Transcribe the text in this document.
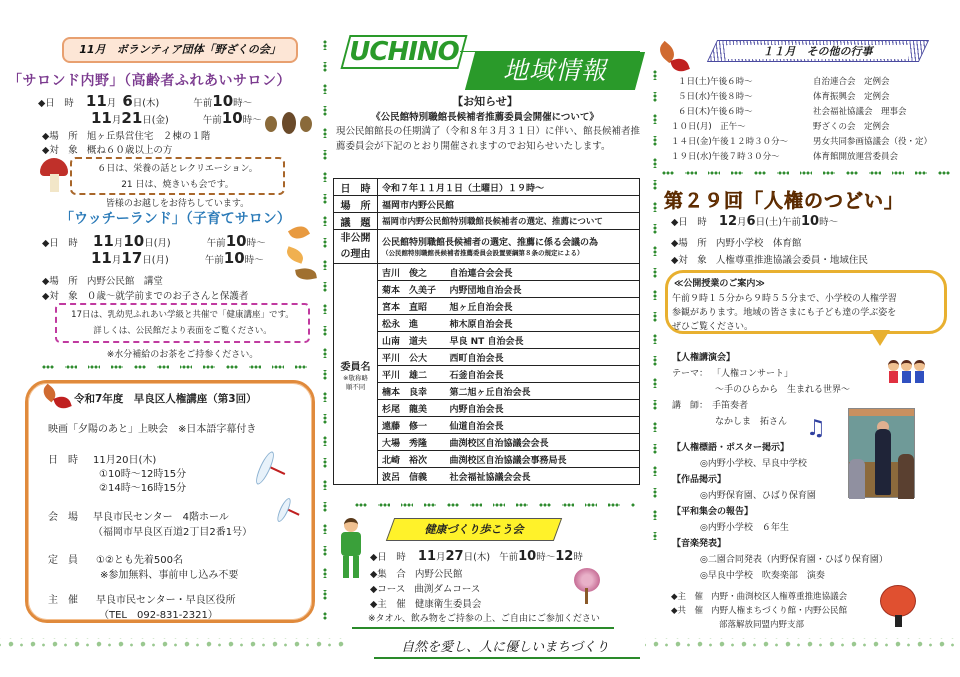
11月　ボランティア団体「野ざくの会」
「サロンド内野」（高齢者ふれあいサロン）
◆日　時 11月 6日(木)	午前10時～
11月21日(金)	午前10時～
◆場　所 旭ヶ丘県営住宅　２棟の１階
◆対　象 概ね６０歳以上の方
６日は、栄養の話とレクリエーション。
21 日は、焼きいも会です。
皆様のお越しをお待ちしています。
「ウッチーランド」（子育てサロン）
◆日　時 11月10日(月)	午前10時～
11月17日(月)	午前10時～
◆場　所 内野公民館　講堂
◆対　象 ０歳～就学前までのお子さんと保護者
17日は、乳幼児ふれあい学級と共催で「健康講座」です。
詳しくは、公民館だより表面をご覧ください。
※水分補給のお茶をご持参ください。
令和7年度　早良区人権講座（第3回）
映画「夕陽のあと」上映会　※日本語字幕付き
日　時 11月20日(木)
①10時～12時15分
②14時～16時15分
会　場 早良市民センター　4階ホール
（福岡市早良区百道2丁目2番1号）
定　員 ①②とも先着500名
※参加無料、事前申し込み不要
主　催 早良市民センター・早良区役所
（TEL　092-831-2321）
UCHINO
地域情報
【お知らせ】
《公民館特別職館長候補者推薦委員会開催について》
現公民館館長の任期満了（令和８年３月３１日）に伴い、館長候補者推薦委員会が下記のとおり開催されますのでお知らせいたします。
日　時	令和７年１１月１日（土曜日）１９時～	
場　所	福岡市内野公民館	
議　題	福岡市内野公民館特別職館長候補者の選定、推薦について	
非公開の理由	公民館特別職館長候補者の選定、推薦に係る会議の為
（公民館特別職館長候補者推薦委員会設置要綱第８条の規定による）	

委員名
※敬称略
順不同	吉川　俊之	自治連合会会長
	菊本　久美子	内野団地自治会長
	宮本　直昭	旭ヶ丘自治会長
	松永　進	柿木原自治会長
	山南　道夫	早良 NT 自治会長
	平川　公大	西町自治会長
	平川　雄二	石釜自治会長
	楠本　良幸	第二旭ヶ丘自治会長
	杉尾　龍美	内野自治会長
	遠藤　修一	仙道自治会長
	大場　秀隆	曲渕校区自治協議会会長
	北崎　裕次	曲渕校区自治協議会事務局長
	波呂　信義	社会福祉協議会会長
健康づくり歩こう会
◆日　時 11月27日(木) 午前10時～12時
◆集　合 内野公民館
◆コース 曲渕ダムコース
◆主　催 健康衛生委員会
※タオル、飲み物をご持参の上、ご自由にご参加ください
自然を愛し、人に優しいまちづくり
１１月　その他の行事
１日(土)午後６時～	自治連合会　定例会
５日(水)午後８時～	体育振興会　定例会
６日(木)午後６時～	社会福祉協議会　理事会
１０日(月)　正午～	野ざくの会　定例会
１４日(金)午後１２時３０分～	男女共同参画協議会（役・定）
１９日(水)午後７時３０分～	体育館開放運営委員会
第２９回「人権のつどい」
◆日　時 12月6日(土)午前10時～
◆場　所 内野小学校　体育館
◆対　象 人権尊重推進協議会委員・地域住民
≪公開授業のご案内≫
午前９時１５分から９時５５分まで、小学校の人権学習
参観があります。地域の皆さまにも子ども達の学ぶ姿を
ぜひご覧ください。
【人権講演会】
テーマ： 「人権コンサート」
～手のひらから　生まれる世界～
講　師： 手笛奏者
なかしま　拓さん ♫
【人権標語・ポスター掲示】
◎内野小学校、早良中学校
【作品掲示】
◎内野保育園、ひばり保育園
【平和集会の報告】
◎内野小学校　６年生
【音楽発表】
◎二園合同発表（内野保育園・ひばり保育園）
◎早良中学校　吹奏楽部　演奏
◆主　催 内野・曲渕校区人権尊重推進協議会
◆共　催 内野人権まちづくり館・内野公民館
部落解放同盟内野支部
